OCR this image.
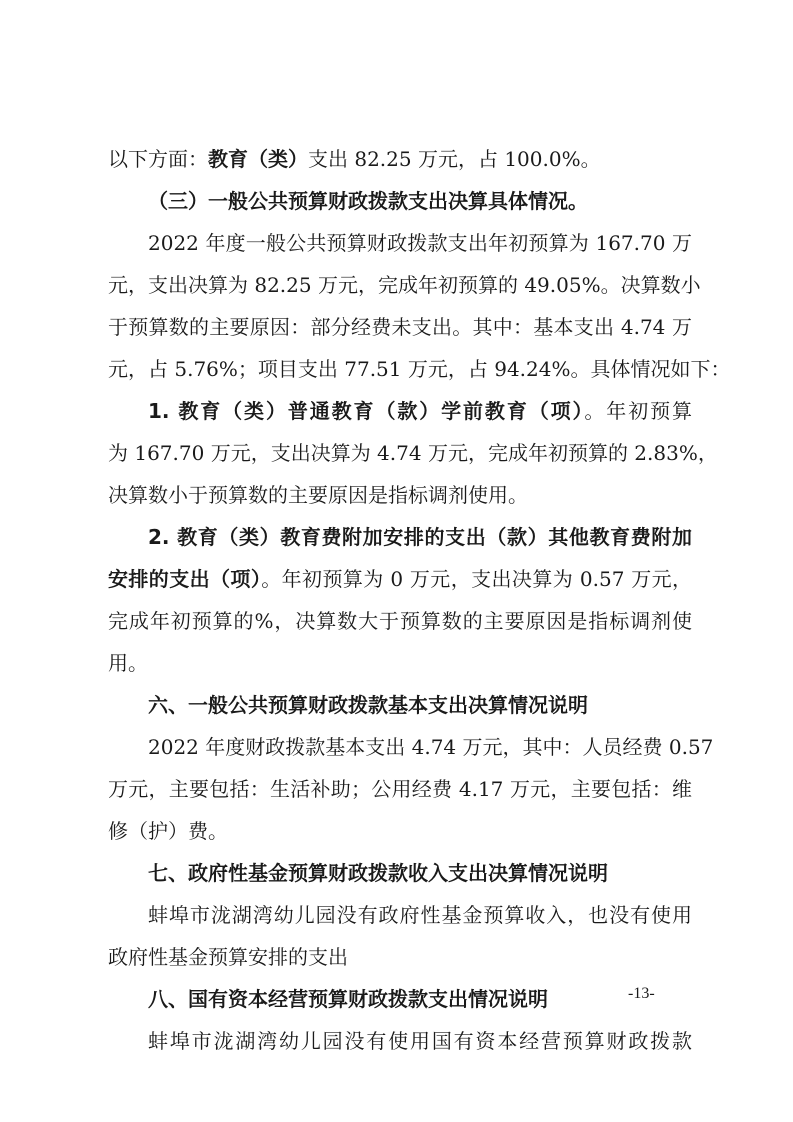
以下方面：教育（类）支出 82.25 万元，占 100.0%。
（三）一般公共预算财政拨款支出决算具体情况。
2022 年度一般公共预算财政拨款支出年初预算为 167.70 万
元，支出决算为 82.25 万元，完成年初预算的 49.05%。决算数小
于预算数的主要原因：部分经费未支出。其中：基本支出 4.74 万
元，占 5.76%；项目支出 77.51 万元，占 94.24%。具体情况如下：
1. 教育（类）普通教育（款）学前教育（项）。年初预算
为 167.70 万元，支出决算为 4.74 万元，完成年初预算的 2.83%，
决算数小于预算数的主要原因是指标调剂使用。
2. 教育（类）教育费附加安排的支出（款）其他教育费附加
安排的支出（项）。年初预算为 0 万元，支出决算为 0.57 万元，
完成年初预算的%，决算数大于预算数的主要原因是指标调剂使
用。
六、一般公共预算财政拨款基本支出决算情况说明
2022 年度财政拨款基本支出 4.74 万元，其中：人员经费 0.57
万元，主要包括：生活补助；公用经费 4.17 万元，主要包括：维
修（护）费。
七、政府性基金预算财政拨款收入支出决算情况说明
蚌埠市泷湖湾幼儿园没有政府性基金预算收入，也没有使用
政府性基金预算安排的支出
八、国有资本经营预算财政拨款支出情况说明
蚌埠市泷湖湾幼儿园没有使用国有资本经营预算财政拨款
-13-
